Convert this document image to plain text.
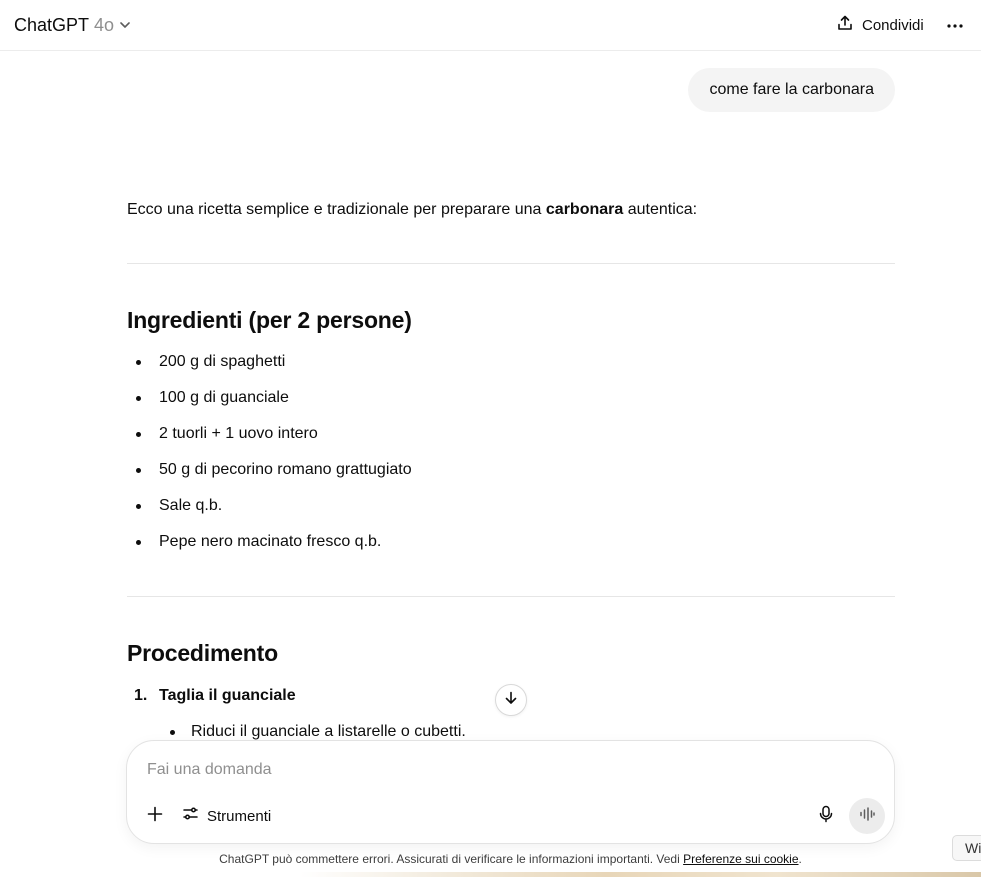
ChatGPT 4o	Condividi
come fare la carbonara
Ecco una ricetta semplice e tradizionale per preparare una carbonara autentica:
Ingredienti (per 2 persone)
200 g di spaghetti
100 g di guanciale
2 tuorli + 1 uovo intero
50 g di pecorino romano grattugiato
Sale q.b.
Pepe nero macinato fresco q.b.
Procedimento
1. Taglia il guanciale
Riduci il guanciale a listarelle o cubetti.
Fai una domanda
Strumenti
ChatGPT può commettere errori. Assicurati di verificare le informazioni importanti. Vedi Preferenze sui cookie.
Wi
